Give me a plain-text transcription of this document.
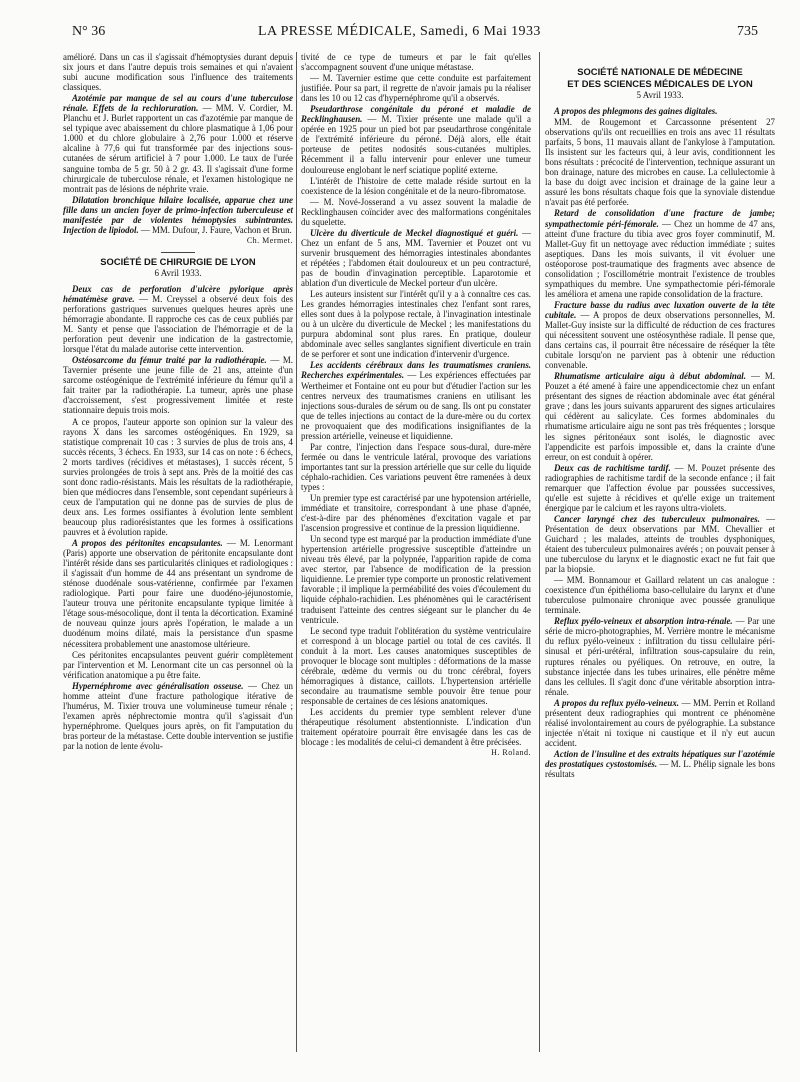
N° 36	LA PRESSE MÉDICALE, Samedi, 6 Mai 1933	735

amélioré. Dans un cas il s'agissait d'hémoptysies durant depuis six jours et dans l'autre depuis trois semaines et qui n'avaient subi aucune modification sous l'influence des traitements classiques.

Azotémie par manque de sel au cours d'une tuberculose rénale. Effets de la rechloruration. — MM. V. Cordier, M. Planchu et J. Burlet rapportent un cas d'azotémie par manque de sel typique avec abaissement du chlore plasmatique à 1,06 pour 1.000 et du chlore globulaire à 2,76 pour 1.000 et réserve alcaline à 77,6 qui fut transformée par des injections sous-cutanées de sérum artificiel à 7 pour 1.000. Le taux de l'urée sanguine tomba de 5 gr. 50 à 2 gr. 43. Il s'agissait d'une forme chirurgicale de tuberculose rénale, et l'examen histologique ne montrait pas de lésions de néphrite vraie.

Dilatation bronchique hilaire localisée, apparue chez une fille dans un ancien foyer de primo-infection tuberculeuse et manifestée par de violentes hémoptysies subintrantes. Injection de lipiodol. — MM. Dufour, J. Faure, Vachon et Brun.

Ch. Mermet.
SOCIÉTÉ DE CHIRURGIE DE LYON
6 Avril 1933.

Deux cas de perforation d'ulcère pylorique après hématémèse grave. — M. Creyssel a observé deux fois des perforations gastriques survenues quelques heures après une hémorragie abondante. Il rapproche ces cas de ceux publiés par M. Santy et pense que l'association de l'hémorragie et de la perforation peut devenir une indication de la gastrectomie, lorsque l'état du malade autorise cette intervention.

Ostéosarcome du fémur traité par la radiothérapie. — M. Tavernier présente une jeune fille de 21 ans, atteinte d'un sarcome ostéogénique de l'extrémité inférieure du fémur qu'il a fait traiter par la radiothérapie. La tumeur, après une phase d'accroissement, s'est progressivement limitée et reste stationnaire depuis trois mois.

A ce propos, l'auteur apporte son opinion sur la valeur des rayons X dans les sarcomes ostéogéniques. En 1929, sa statistique comprenait 10 cas : 3 survies de plus de trois ans, 4 succès récents, 3 échecs. En 1933, sur 14 cas on note : 6 échecs, 2 morts tardives (récidives et métastases), 1 succès récent, 5 survies prolongées de trois à sept ans. Près de la moitié des cas sont donc radio-résistants. Mais les résultats de la radiothérapie, bien que médiocres dans l'ensemble, sont cependant supérieurs à ceux de l'amputation qui ne donne pas de survies de plus de deux ans. Les formes ossifiantes à évolution lente semblent beaucoup plus radiorésistantes que les formes à ossifications pauvres et à évolution rapide.

A propos des péritonites encapsulantes. — M. Lenormant (Paris) apporte une observation de péritonite encapsulante dont l'intérêt réside dans ses particularités cliniques et radiologiques : il s'agissait d'un homme de 44 ans présentant un syndrome de sténose duodénale sous-vatérienne, confirmée par l'examen radiologique. Parti pour faire une duodéno-jéjunostomie, l'auteur trouva une péritonite encapsulante typique limitée à l'étage sous-mésocolique, dont il tenta la décortication. Examiné de nouveau quinze jours après l'opération, le malade a un duodénum moins dilaté, mais la persistance d'un spasme nécessitera probablement une anastomose ultérieure.

Ces péritonites encapsulantes peuvent guérir complètement par l'intervention et M. Lenormant cite un cas personnel où la vérification anatomique a pu être faite.

Hypernéphrome avec généralisation osseuse. — Chez un homme atteint d'une fracture pathologique itérative de l'humérus, M. Tixier trouva une volumineuse tumeur rénale ; l'examen après néphrectomie montra qu'il s'agissait d'un hypernéphrome. Quelques jours après, on fit l'amputation du bras porteur de la métastase. Cette double intervention se justifie par la notion de lente évolu-

tivité de ce type de tumeurs et par le fait qu'elles s'accompagnent souvent d'une unique métastase.

— M. Tavernier estime que cette conduite est parfaitement justifiée. Pour sa part, il regrette de n'avoir jamais pu la réaliser dans les 10 ou 12 cas d'hypernéphrome qu'il a observés.

Pseudarthrose congénitale du péroné et maladie de Recklinghausen. — M. Tixier présente une malade qu'il a opérée en 1925 pour un pied bot par pseudarthrose congénitale de l'extrémité inférieure du péroné. Déjà alors, elle était porteuse de petites nodosités sous-cutanées multiples. Récemment il a fallu intervenir pour enlever une tumeur douloureuse englobant le nerf sciatique poplité externe.

L'intérêt de l'histoire de cette malade réside surtout en la coexistence de la lésion congénitale et de la neuro-fibromatose.

— M. Nové-Josserand a vu assez souvent la maladie de Recklinghausen coïncider avec des malformations congénitales du squelette.

Ulcère du diverticule de Meckel diagnostiqué et guéri. — Chez un enfant de 5 ans, MM. Tavernier et Pouzet ont vu survenir brusquement des hémorragies intestinales abondantes et répétées ; l'abdomen était douloureux et un peu contracturé, pas de boudin d'invagination perceptible. Laparotomie et ablation d'un diverticule de Meckel porteur d'un ulcère.

Les auteurs insistent sur l'intérêt qu'il y a à connaître ces cas. Les grandes hémorragies intestinales chez l'enfant sont rares, elles sont dues à la polypose rectale, à l'invagination intestinale ou à un ulcère du diverticule de Meckel ; les manifestations du purpura abdominal sont plus rares. En pratique, douleur abdominale avec selles sanglantes signifient diverticule en train de se perforer et sont une indication d'intervenir d'urgence.

Les accidents cérébraux dans les traumatismes craniens. Recherches expérimentales. — Les expériences effectuées par Wertheimer et Fontaine ont eu pour but d'étudier l'action sur les centres nerveux des traumatismes craniens en utilisant les injections sous-durales de sérum ou de sang. Ils ont pu constater que de telles injections au contact de la dure-mère ou du cortex ne provoquaient que des modifications insignifiantes de la pression artérielle, veineuse et liquidienne.

Par contre, l'injection dans l'espace sous-dural, dure-mère fermée ou dans le ventricule latéral, provoque des variations importantes tant sur la pression artérielle que sur celle du liquide céphalo-rachidien. Ces variations peuvent être ramenées à deux types :

Un premier type est caractérisé par une hypotension artérielle, immédiate et transitoire, correspondant à une phase d'apnée, c'est-à-dire par des phénomènes d'excitation vagale et par l'ascension progressive et continue de la pression liquidienne.

Un second type est marqué par la production immédiate d'une hypertension artérielle progressive susceptible d'atteindre un niveau très élevé, par la polypnée, l'apparition rapide de coma avec stertor, par l'absence de modification de la pression liquidienne. Le premier type comporte un pronostic relativement favorable ; il implique la perméabilité des voies d'écoulement du liquide céphalo-rachidien. Les phénomènes qui le caractérisent traduisent l'atteinte des centres siégeant sur le plancher du 4e ventricule.

Le second type traduit l'oblitération du système ventriculaire et correspond à un blocage partiel ou total de ces cavités. Il conduit à la mort. Les causes anatomiques susceptibles de provoquer le blocage sont multiples : déformations de la masse cérébrale, œdème du vermis ou du tronc cérébral, foyers hémorragiques à distance, caillots. L'hypertension artérielle secondaire au traumatisme semble pouvoir être tenue pour responsable de certaines de ces lésions anatomiques.

Les accidents du premier type semblent relever d'une thérapeutique résolument abstentionniste. L'indication d'un traitement opératoire pourrait être envisagée dans les cas de blocage : les modalités de celui-ci demandent à être précisées.

H. Roland.
SOCIÉTÉ NATIONALE DE MÉDECINE
ET DES SCIENCES MÉDICALES DE LYON
5 Avril 1933.

A propos des phlegmons des gaines digitales.

MM. de Rougemont et Carcassonne présentent 27 observations qu'ils ont recueillies en trois ans avec 11 résultats parfaits, 5 bons, 11 mauvais allant de l'ankylose à l'amputation. Ils insistent sur les facteurs qui, à leur avis, conditionnent les bons résultats : précocité de l'intervention, technique assurant un bon drainage, nature des microbes en cause. La cellulectomie à la base du doigt avec incision et drainage de la gaine leur a assuré les bons résultats chaque fois que la synoviale distendue n'avait pas été perforée.

Retard de consolidation d'une fracture de jambe; sympathectomie péri-fémorale. — Chez un homme de 47 ans, atteint d'une fracture du tibia avec gros foyer comminutif, M. Mallet-Guy fit un nettoyage avec réduction immédiate ; suites aseptiques. Dans les mois suivants, il vit évoluer une ostéoporose post-traumatique des fragments avec absence de consolidation ; l'oscillométrie montrait l'existence de troubles sympathiques du membre. Une sympathectomie péri-fémorale les améliora et amena une rapide consolidation de la fracture.

Fracture basse du radius avec luxation ouverte de la tête cubitale. — A propos de deux observations personnelles, M. Mallet-Guy insiste sur la difficulté de réduction de ces fractures qui nécessitent souvent une ostéosynthèse radiale. Il pense que, dans certains cas, il pourrait être nécessaire de réséquer la tête cubitale lorsqu'on ne parvient pas à obtenir une réduction convenable.

Rhumatisme articulaire aigu à début abdominal. — M. Pouzet a été amené à faire une appendicectomie chez un enfant présentant des signes de réaction abdominale avec état général grave ; dans les jours suivants apparurent des signes articulaires qui cédèrent au salicylate. Ces formes abdominales du rhumatisme articulaire aigu ne sont pas très fréquentes ; lorsque les signes péritonéaux sont isolés, le diagnostic avec l'appendicite est parfois impossible et, dans la crainte d'une erreur, on est conduit à opérer.

Deux cas de rachitisme tardif. — M. Pouzet présente des radiographies de rachitisme tardif de la seconde enfance ; il fait remarquer que l'affection évolue par poussées successives, qu'elle est sujette à récidives et qu'elle exige un traitement énergique par le calcium et les rayons ultra-violets.

Cancer laryngé chez des tuberculeux pulmonaires. — Présentation de deux observations par MM. Chevallier et Guichard ; les malades, atteints de troubles dysphoniques, étaient des tuberculeux pulmonaires avérés ; on pouvait penser à une tuberculose du larynx et le diagnostic exact ne fut fait que par la biopsie.

— MM. Bonnamour et Gaillard relatent un cas analogue : coexistence d'un épithélioma baso-cellulaire du larynx et d'une tuberculose pulmonaire chronique avec poussée granulique terminale.

Reflux pyélo-veineux et absorption intra-rénale. — Par une série de micro-photographies, M. Verrière montre le mécanisme du reflux pyélo-veineux : infiltration du tissu cellulaire péri-sinusal et péri-urétéral, infiltration sous-capsulaire du rein, ruptures rénales ou pyéliques. On retrouve, en outre, la substance injectée dans les tubes urinaires, elle pénètre même dans les cellules. Il s'agit donc d'une véritable absorption intra-rénale.

A propos du reflux pyélo-veineux. — MM. Perrin et Rolland présentent deux radiographies qui montrent ce phénomène réalisé involontairement au cours de pyélographie. La substance injectée n'était ni toxique ni caustique et il n'y eut aucun accident.

Action de l'insuline et des extraits hépatiques sur l'azotémie des prostatiques cystostomisés. — M. L. Phélip signale les bons résultats
